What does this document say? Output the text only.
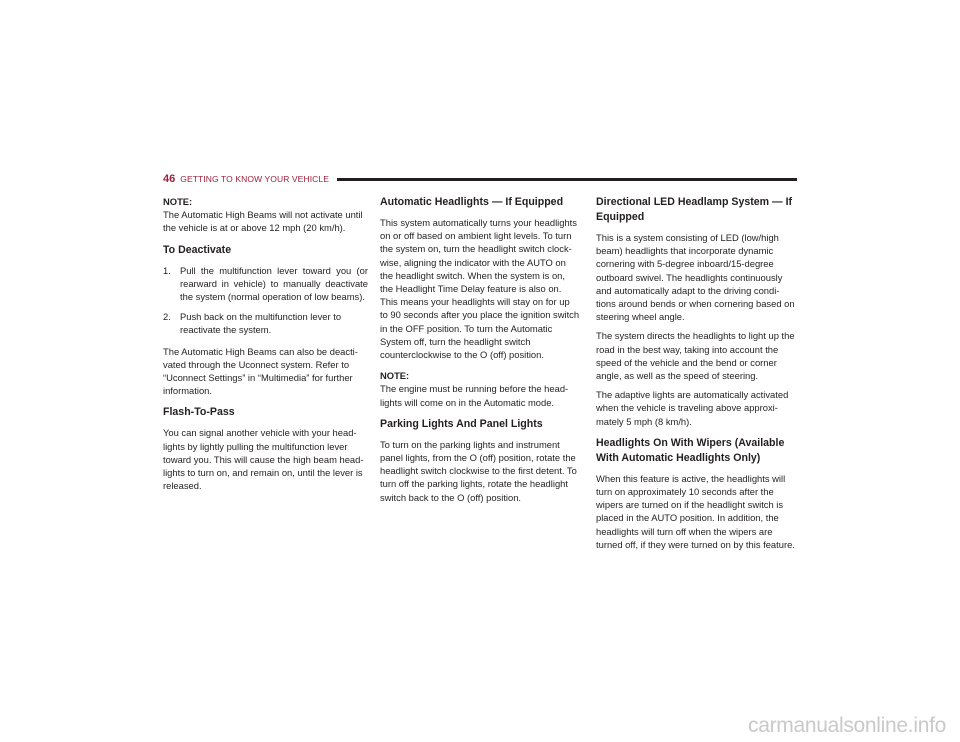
46 GETTING TO KNOW YOUR VEHICLE

NOTE:

The Automatic High Beams will not activate until the vehicle is at or above 12 mph (20 km/h).

To Deactivate
1. Pull the multifunction lever toward you (or rearward in vehicle) to manually deactivate the system (normal operation of low beams).
2. Push back on the multifunction lever to reactivate the system.

The Automatic High Beams can also be deacti- vated through the Uconnect system. Refer to “Uconnect Settings” in “Multimedia” for further information.

Flash-To-Pass

You can signal another vehicle with your head- lights by lightly pulling the multifunction lever toward you. This will cause the high beam head- lights to turn on, and remain on, until the lever is released.

Automatic Headlights — If Equipped

This system automatically turns your headlights on or off based on ambient light levels. To turn the system on, turn the headlight switch clock- wise, aligning the indicator with the AUTO on the headlight switch. When the system is on, the Headlight Time Delay feature is also on. This means your headlights will stay on for up to 90 seconds after you place the ignition switch in the OFF position. To turn the Automatic System off, turn the headlight switch counterclockwise to the O (off) position.

NOTE:

The engine must be running before the head- lights will come on in the Automatic mode.

Parking Lights And Panel Lights

To turn on the parking lights and instrument panel lights, from the O (off) position, rotate the headlight switch clockwise to the first detent. To turn off the parking lights, rotate the headlight switch back to the O (off) position.

Directional LED Headlamp System — If Equipped

This is a system consisting of LED (low/high beam) headlights that incorporate dynamic cornering with 5-degree inboard/15-degree outboard swivel. The headlights continuously and automatically adapt to the driving condi- tions around bends or when cornering based on steering wheel angle.

The system directs the headlights to light up the road in the best way, taking into account the speed of the vehicle and the bend or corner angle, as well as the speed of steering.

The adaptive lights are automatically activated when the vehicle is traveling above approxi- mately 5 mph (8 km/h).

Headlights On With Wipers (Available With Automatic Headlights Only)

When this feature is active, the headlights will turn on approximately 10 seconds after the wipers are turned on if the headlight switch is placed in the AUTO position. In addition, the headlights will turn off when the wipers are turned off, if they were turned on by this feature.

carmanualsonline.info
